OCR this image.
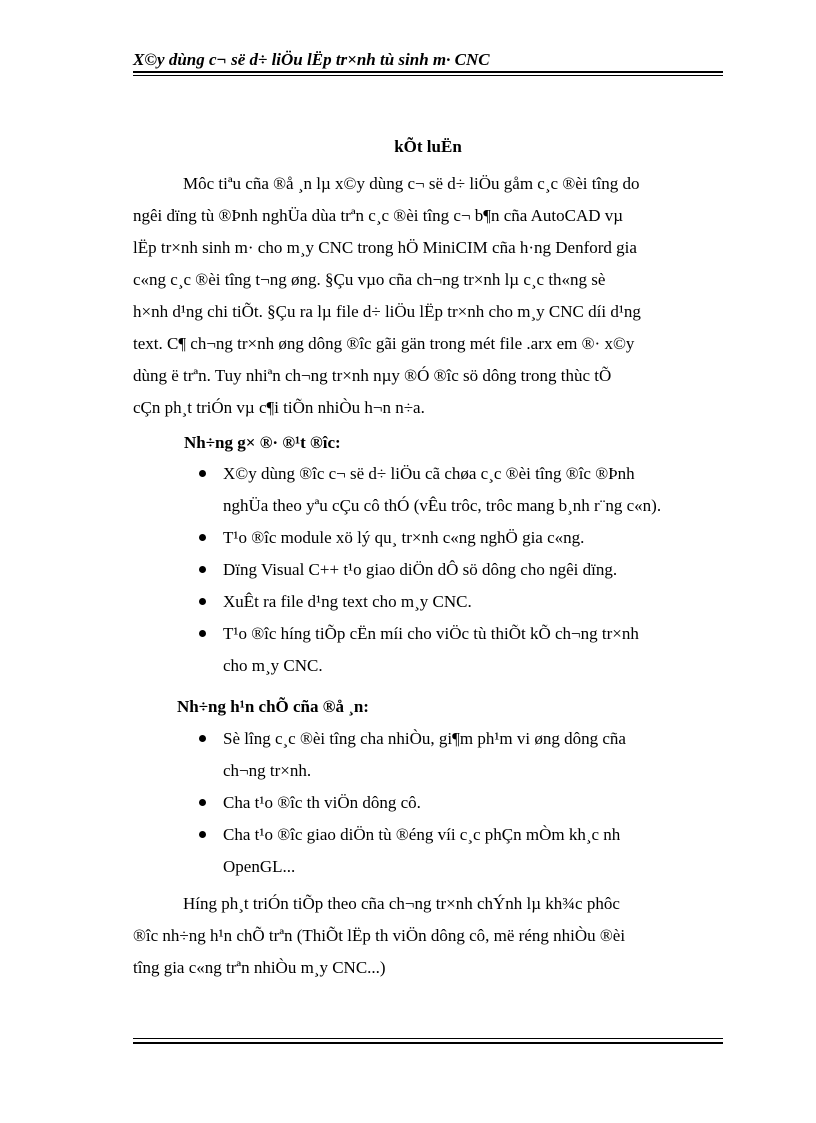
X©y dùng c¬ së d÷ liÖu lËp tr×nh tù sinh m· CNC
kÕt luËn
Môc tiªu cña ®å ¸n lµ x©y dùng c¬ së d÷ liÖu gåm c¸c ®èi tîng do
ngêi dïng tù ®Þnh nghÜa dùa trªn c¸c ®èi tîng c¬ b¶n cña AutoCAD vµ
lËp tr×nh sinh m· cho m¸y CNC trong hÖ MiniCIM cña h·ng Denford gia
c«ng c¸c ®èi tîng t¬ng øng. §Çu vµo cña ch¬ng tr×nh lµ c¸c th«ng sè
h×nh d¹ng chi tiÕt. §Çu ra lµ file d÷ liÖu lËp tr×nh cho m¸y CNC díi d¹ng
text. C¶ ch¬ng tr×nh øng dông ®îc gãi gän trong mét file .arx em ®· x©y
dùng ë trªn. Tuy nhiªn ch¬ng tr×nh nµy ®Ó ®îc sö dông trong thùc tÕ
cÇn ph¸t triÓn vµ c¶i tiÕn nhiÒu h¬n n÷a.
Nh÷ng g× ®· ®¹t ®îc:
X©y dùng ®îc c¬ së d÷ liÖu cã chøa c¸c ®èi tîng ®îc ®Þnh
nghÜa theo yªu cÇu cô thÓ (vÊu trôc, trôc mang b¸nh r¨ng c«n).
T¹o ®îc module xö lý qu¸ tr×nh c«ng nghÖ gia c«ng.
Dïng Visual C++ t¹o giao diÖn dÔ sö dông cho ngêi dïng.
XuÊt ra file d¹ng text cho m¸y CNC.
T¹o ®îc híng tiÕp cËn míi cho viÖc tù thiÕt kÕ ch¬ng tr×nh
cho m¸y CNC.
Nh÷ng h¹n chÕ cña ®å ¸n:
Sè lîng c¸c ®èi tîng cha nhiÒu, gi¶m ph¹m vi øng dông cña
ch¬ng tr×nh.
Cha t¹o ®îc th viÖn dông cô.
Cha t¹o ®îc giao diÖn tù ®éng víi c¸c phÇn mÒm kh¸c nh
OpenGL...
Híng ph¸t triÓn tiÕp theo cña ch¬ng tr×nh chÝnh lµ kh¾c phôc
®îc nh÷ng h¹n chÕ trªn (ThiÕt lËp th viÖn dông cô, më réng nhiÒu ®èi
tîng gia c«ng trªn nhiÒu m¸y CNC...)
